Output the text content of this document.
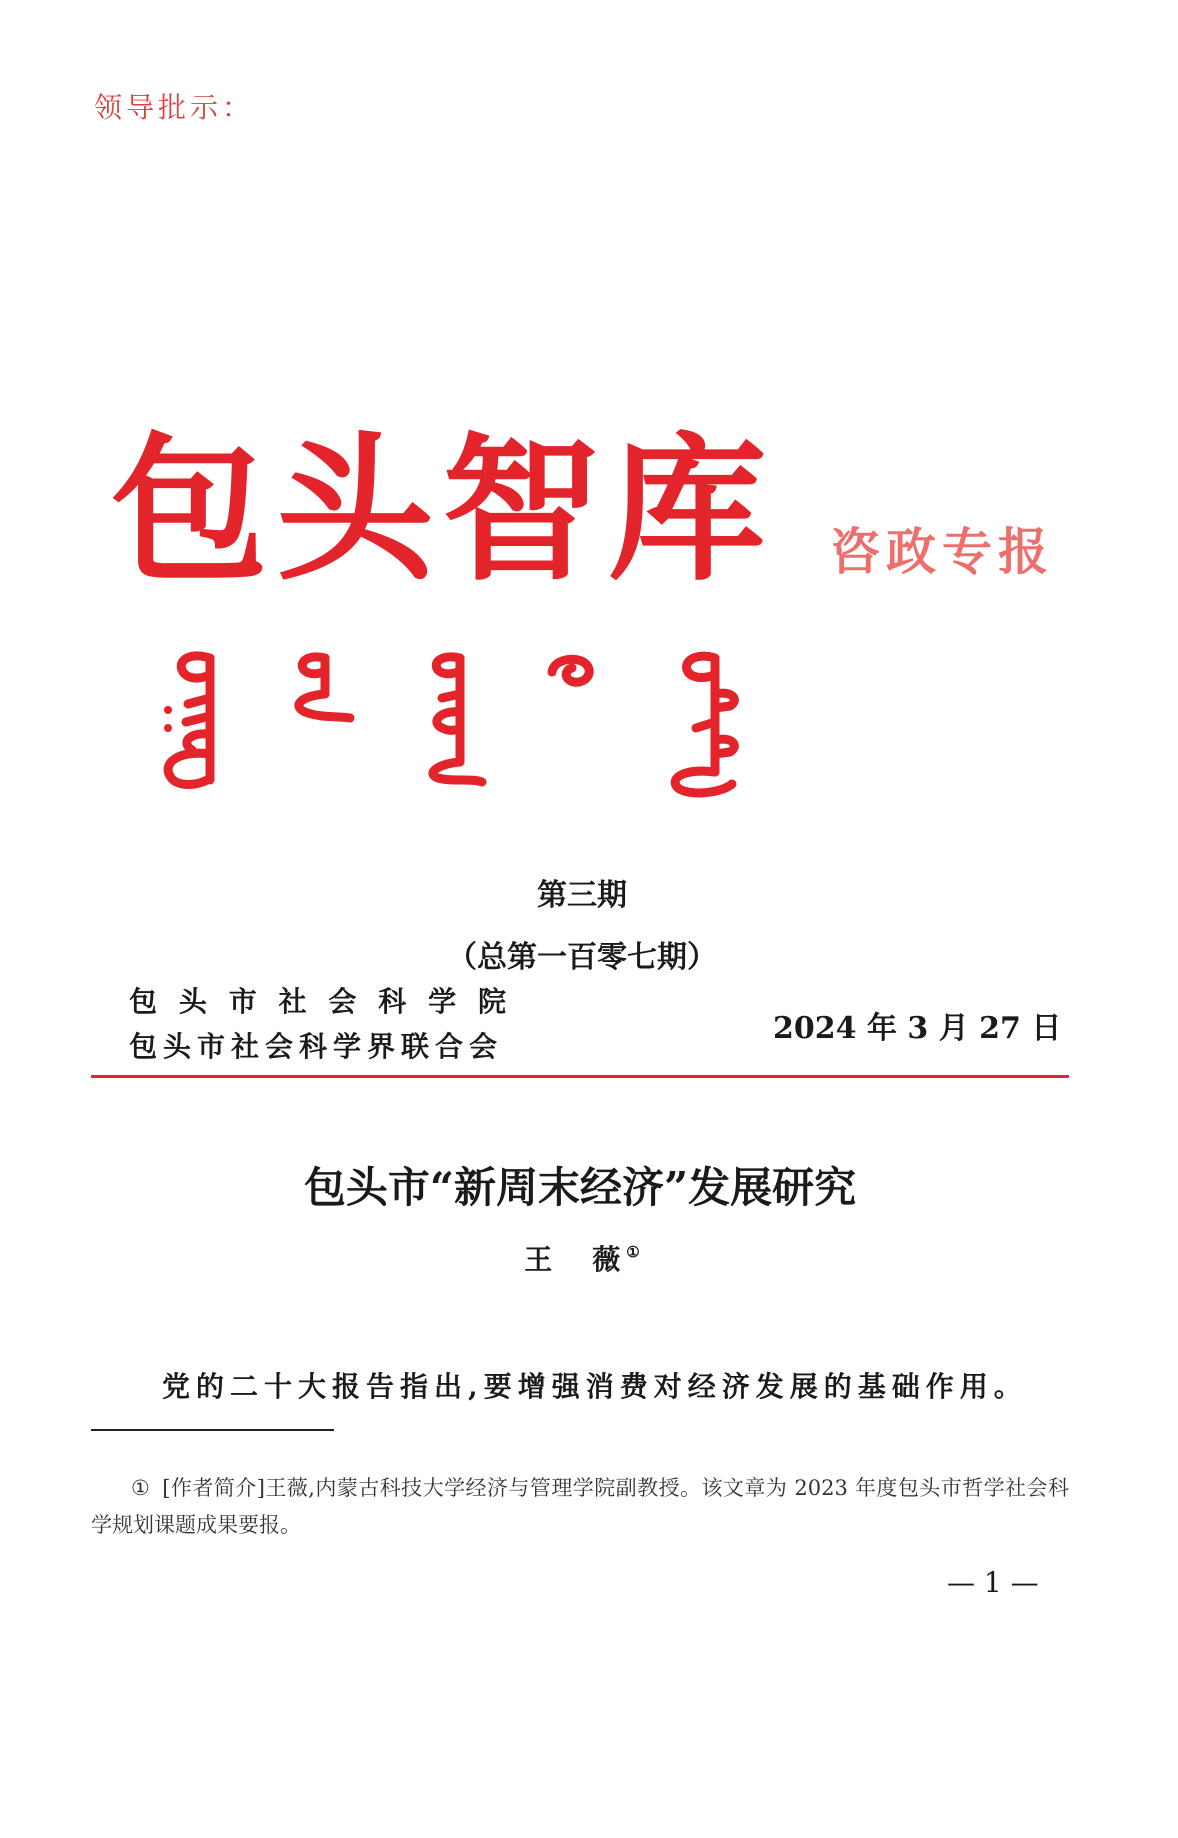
领导批示：
包头智库 咨政专报
第三期
（总第一百零七期）
包 头 市 社 会 科 学 院
包头市社会科学界联合会
2024 年 3 月 27 日
包头市“新周末经济”发展研究
王　薇①
党的二十大报告指出,要增强消费对经济发展的基础作用。
① [作者简介]王薇,内蒙古科技大学经济与管理学院副教授。该文章为 2023 年度包头市哲学社会科学规划课题成果要报。
— 1 —
